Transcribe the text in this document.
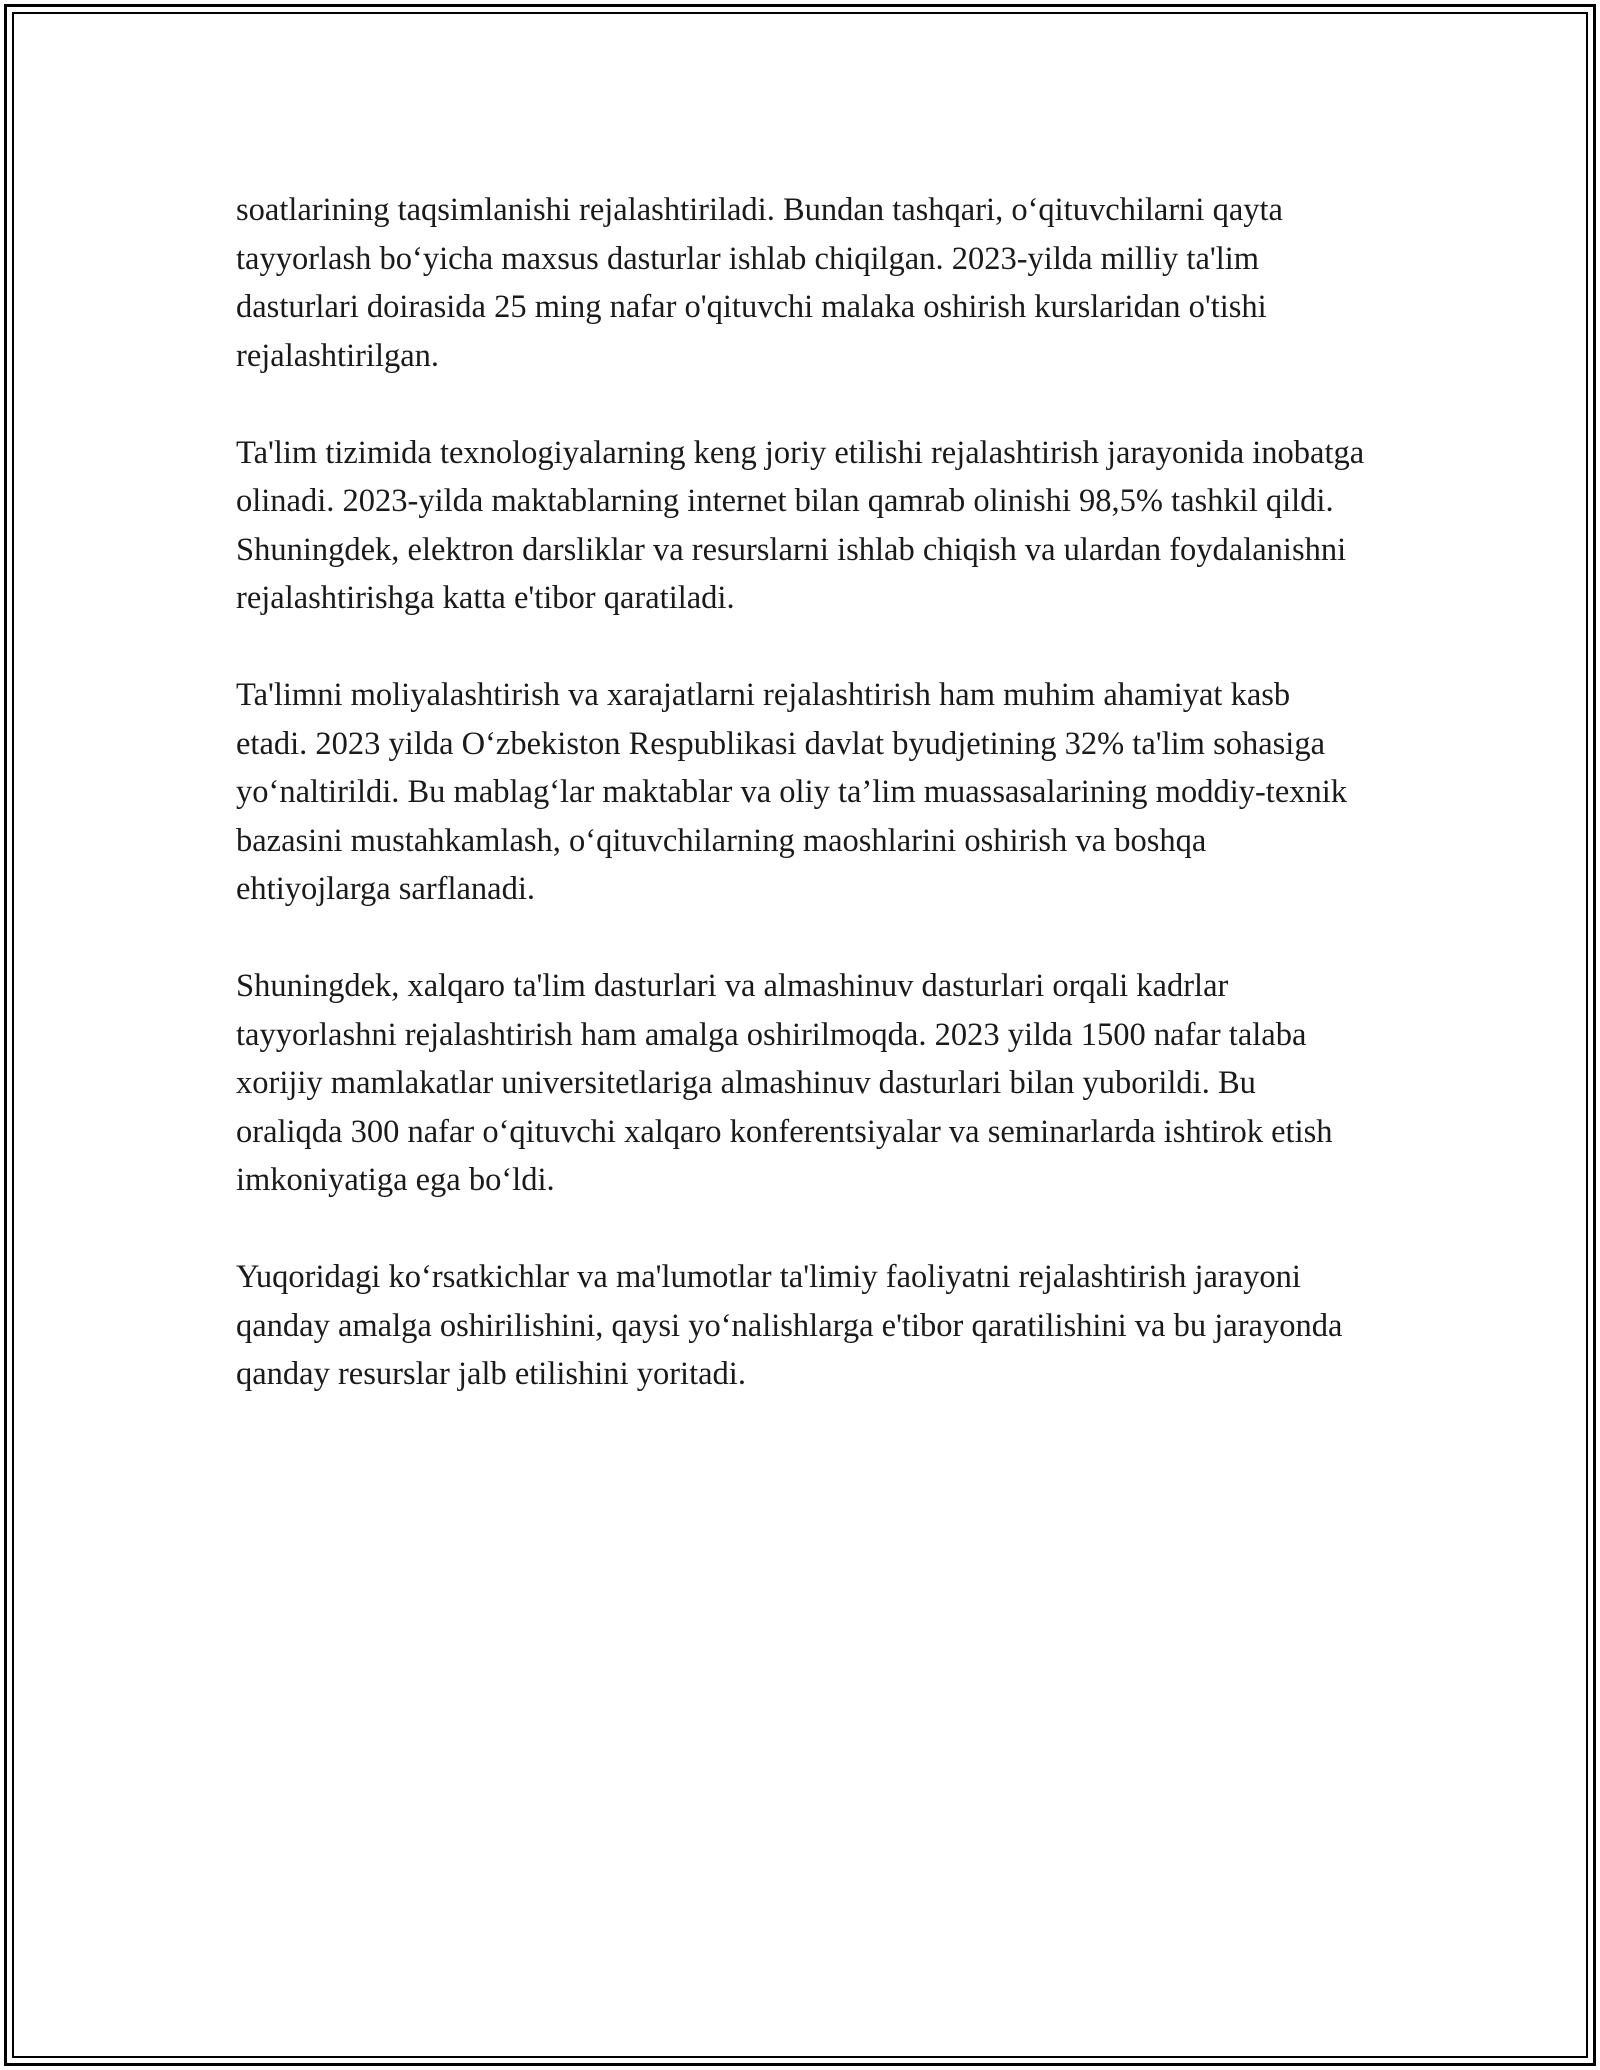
soatlarining taqsimlanishi rejalashtiriladi. Bundan tashqari, o‘qituvchilarni qayta tayyorlash bo‘yicha maxsus dasturlar ishlab chiqilgan. 2023-yilda milliy ta'lim dasturlari doirasida 25 ming nafar o'qituvchi malaka oshirish kurslaridan o'tishi rejalashtirilgan.

Ta'lim tizimida texnologiyalarning keng joriy etilishi rejalashtirish jarayonida inobatga olinadi. 2023-yilda maktablarning internet bilan qamrab olinishi 98,5% tashkil qildi. Shuningdek, elektron darsliklar va resurslarni ishlab chiqish va ulardan foydalanishni rejalashtirishga katta e'tibor qaratiladi.

Ta'limni moliyalashtirish va xarajatlarni rejalashtirish ham muhim ahamiyat kasb etadi. 2023 yilda O‘zbekiston Respublikasi davlat byudjetining 32% ta'lim sohasiga yo‘naltirildi. Bu mablag‘lar maktablar va oliy ta’lim muassasalarining moddiy-texnik bazasini mustahkamlash, o‘qituvchilarning maoshlarini oshirish va boshqa ehtiyojlarga sarflanadi.

Shuningdek, xalqaro ta'lim dasturlari va almashinuv dasturlari orqali kadrlar tayyorlashni rejalashtirish ham amalga oshirilmoqda. 2023 yilda 1500 nafar talaba xorijiy mamlakatlar universitetlariga almashinuv dasturlari bilan yuborildi. Bu oraliqda 300 nafar o‘qituvchi xalqaro konferentsiyalar va seminarlarda ishtirok etish imkoniyatiga ega bo‘ldi.

Yuqoridagi ko‘rsatkichlar va ma'lumotlar ta'limiy faoliyatni rejalashtirish jarayoni qanday amalga oshirilishini, qaysi yo‘nalishlarga e'tibor qaratilishini va bu jarayonda qanday resurslar jalb etilishini yoritadi.
